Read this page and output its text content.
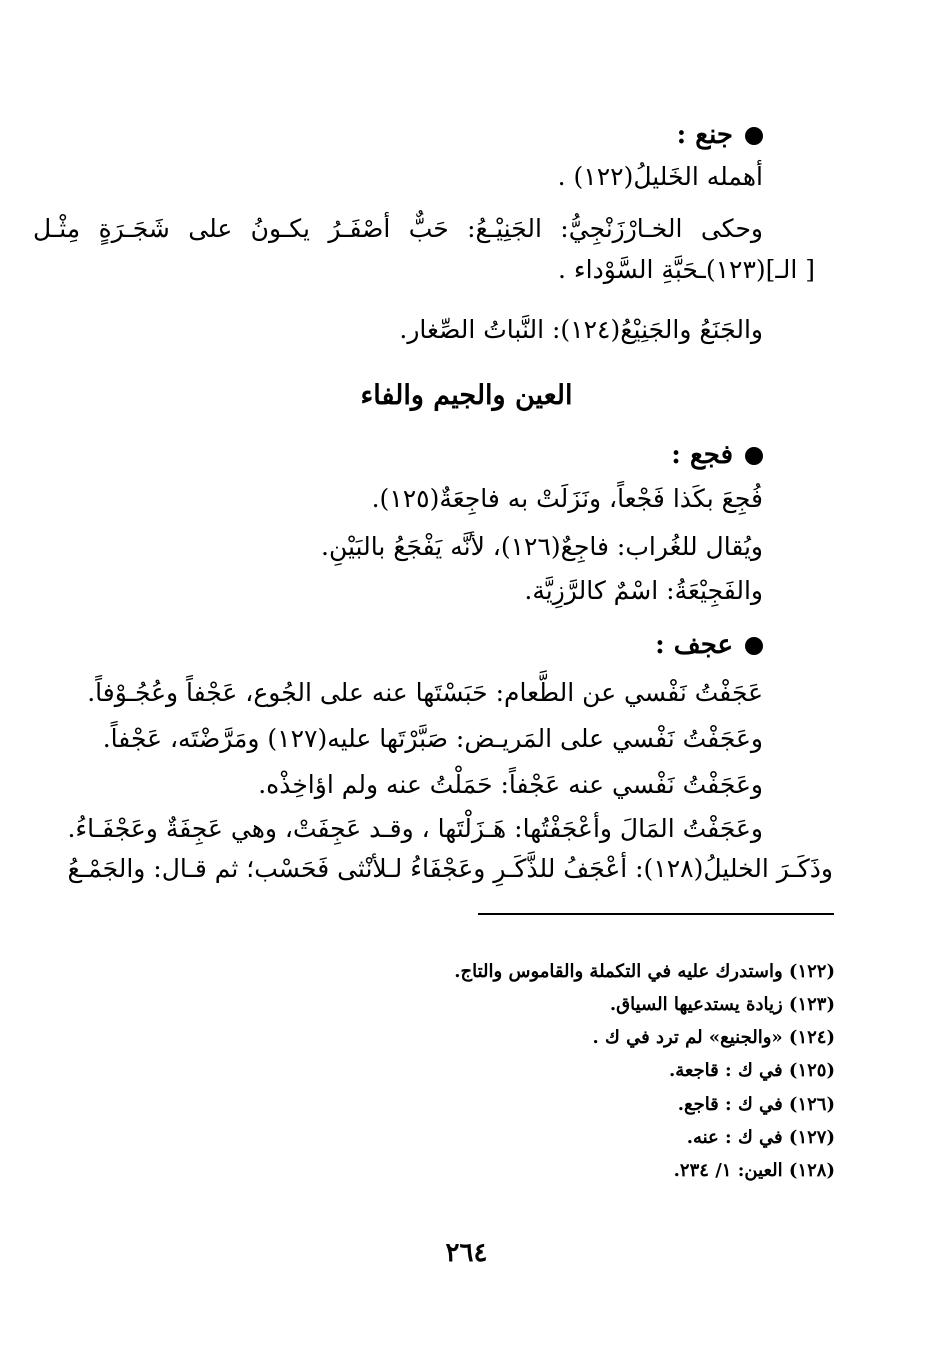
جنع :
أهمله الخَليلُ(١٢٢) .
وحكى الخـارْزَنْجِيُّ: الجَنِيْـعُ: حَبٌّ أصْفَـرُ يكـونُ على شَجَـرَةٍ مِثْـل
[ الـ](١٢٣)ـحَبَّةِ السَّوْداء .
والجَنَعُ والجَنِيْعُ(١٢٤): النَّباتُ الصِّغار.
العين والجيم والفاء
فجع :
فُجِعَ بكَذا فَجْعاً، ونَزَلَتْ به فاجِعَةٌ(١٢٥).
ويُقال للغُراب: فاجِعٌ(١٢٦)، لأنَّه يَفْجَعُ بالبَيْنِ.
والفَجِيْعَةُ: اسْمٌ كالرَّزِيَّة.
عجف :
عَجَفْتُ نَفْسي عن الطَّعام: حَبَسْتَها عنه على الجُوع، عَجْفاً وعُجُـوْفاً.
وعَجَفْتُ نَفْسي على المَريـض: صَبَّرْتَها عليه(١٢٧) ومَرَّضْتَه، عَجْفاً.
وعَجَفْتُ نَفْسي عنه عَجْفاً: حَمَلْتُ عنه ولم اؤاخِذْه.
وعَجَفْتُ المَالَ وأعْجَفْتُها: هَـزَلْتَها ، وقـد عَجِفَتْ، وهي عَجِفَةٌ وعَجْفَـاءُ.
وذَكَـرَ الخليلُ(١٢٨): أعْجَفُ للذَّكَـرِ وعَجْفَاءُ لـلأنْثى فَحَسْب؛ ثم قـال: والجَمْـعُ
(١٢٢) واستدرك عليه في التكملة والقاموس والتاج.
(١٢٣) زيادة يستدعيها السياق.
(١٢٤) «والجنيع» لم ترد في ك .
(١٢٥) في ك : قاجعة.
(١٢٦) في ك : قاجع.
(١٢٧) في ك : عنه.
(١٢٨) العين: ١/ ٢٣٤.
٢٦٤
